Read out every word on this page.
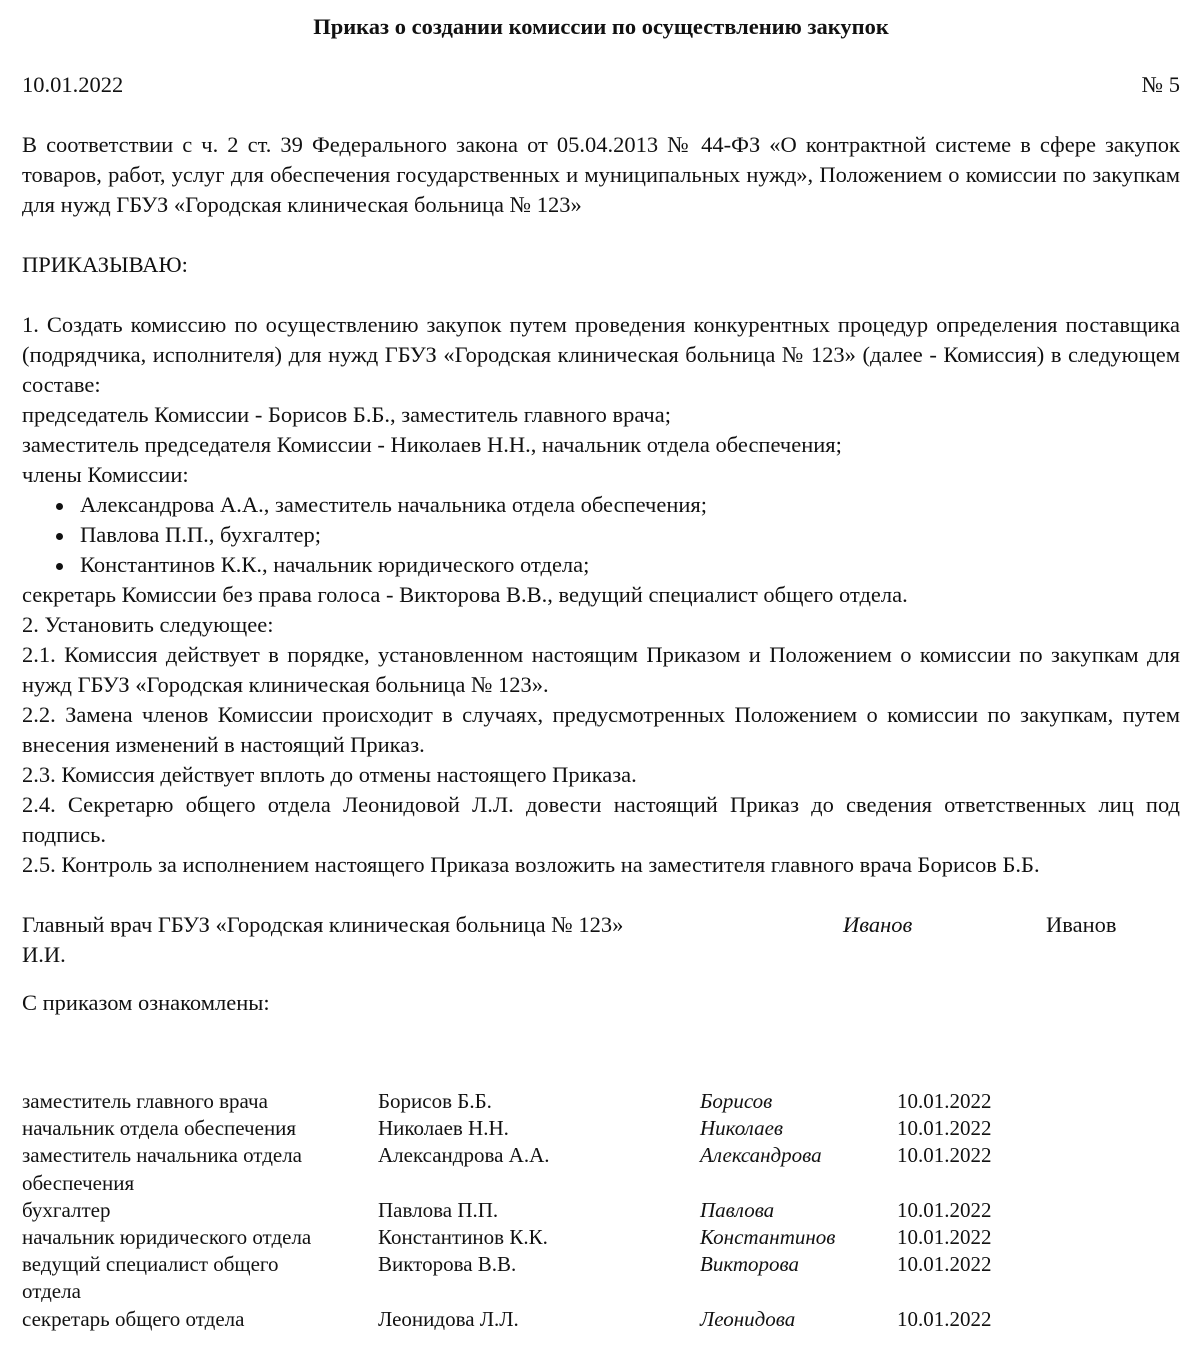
Приказ о создании комиссии по осуществлению закупок
10.01.2022	№ 5
В соответствии с ч. 2 ст. 39 Федерального закона от 05.04.2013 № 44-ФЗ «О контрактной системе в сфере закупок товаров, работ, услуг для обеспечения государственных и муниципальных нужд», Положением о комиссии по закупкам для нужд ГБУЗ «Городская клиническая больница № 123»
ПРИКАЗЫВАЮ:
1. Создать комиссию по осуществлению закупок путем проведения конкурентных процедур определения поставщика (подрядчика, исполнителя) для нужд ГБУЗ «Городская клиническая больница № 123» (далее - Комиссия) в следующем составе:
председатель Комиссии - Борисов Б.Б., заместитель главного врача;
заместитель председателя Комиссии - Николаев Н.Н., начальник отдела обеспечения;
члены Комиссии:
Александрова А.А., заместитель начальника отдела обеспечения;
Павлова П.П., бухгалтер;
Константинов К.К., начальник юридического отдела;
секретарь Комиссии без права голоса - Викторова В.В., ведущий специалист общего отдела.
2. Установить следующее:
2.1. Комиссия действует в порядке, установленном настоящим Приказом и Положением о комиссии по закупкам для нужд ГБУЗ «Городская клиническая больница № 123».
2.2. Замена членов Комиссии происходит в случаях, предусмотренных Положением о комиссии по закупкам, путем внесения изменений в настоящий Приказ.
2.3. Комиссия действует вплоть до отмены настоящего Приказа.
2.4. Секретарю общего отдела Леонидовой Л.Л. довести настоящий Приказ до сведения ответственных лиц под подпись.
2.5. Контроль за исполнением настоящего Приказа возложить на заместителя главного врача Борисов Б.Б.
Главный врач ГБУЗ «Городская клиническая больница № 123»	Иванов	Иванов
И.И.
С приказом ознакомлены:
заместитель главного врача	Борисов Б.Б.	Борисов	10.01.2022
начальник отдела обеспечения	Николаев Н.Н.	Николаев	10.01.2022
заместитель начальника отдела обеспечения	Александрова А.А.	Александрова	10.01.2022
бухгалтер	Павлова П.П.	Павлова	10.01.2022
начальник юридического отдела	Константинов К.К.	Константинов	10.01.2022
ведущий специалист общего отдела	Викторова В.В.	Викторова	10.01.2022
секретарь общего отдела	Леонидова Л.Л.	Леонидова	10.01.2022
